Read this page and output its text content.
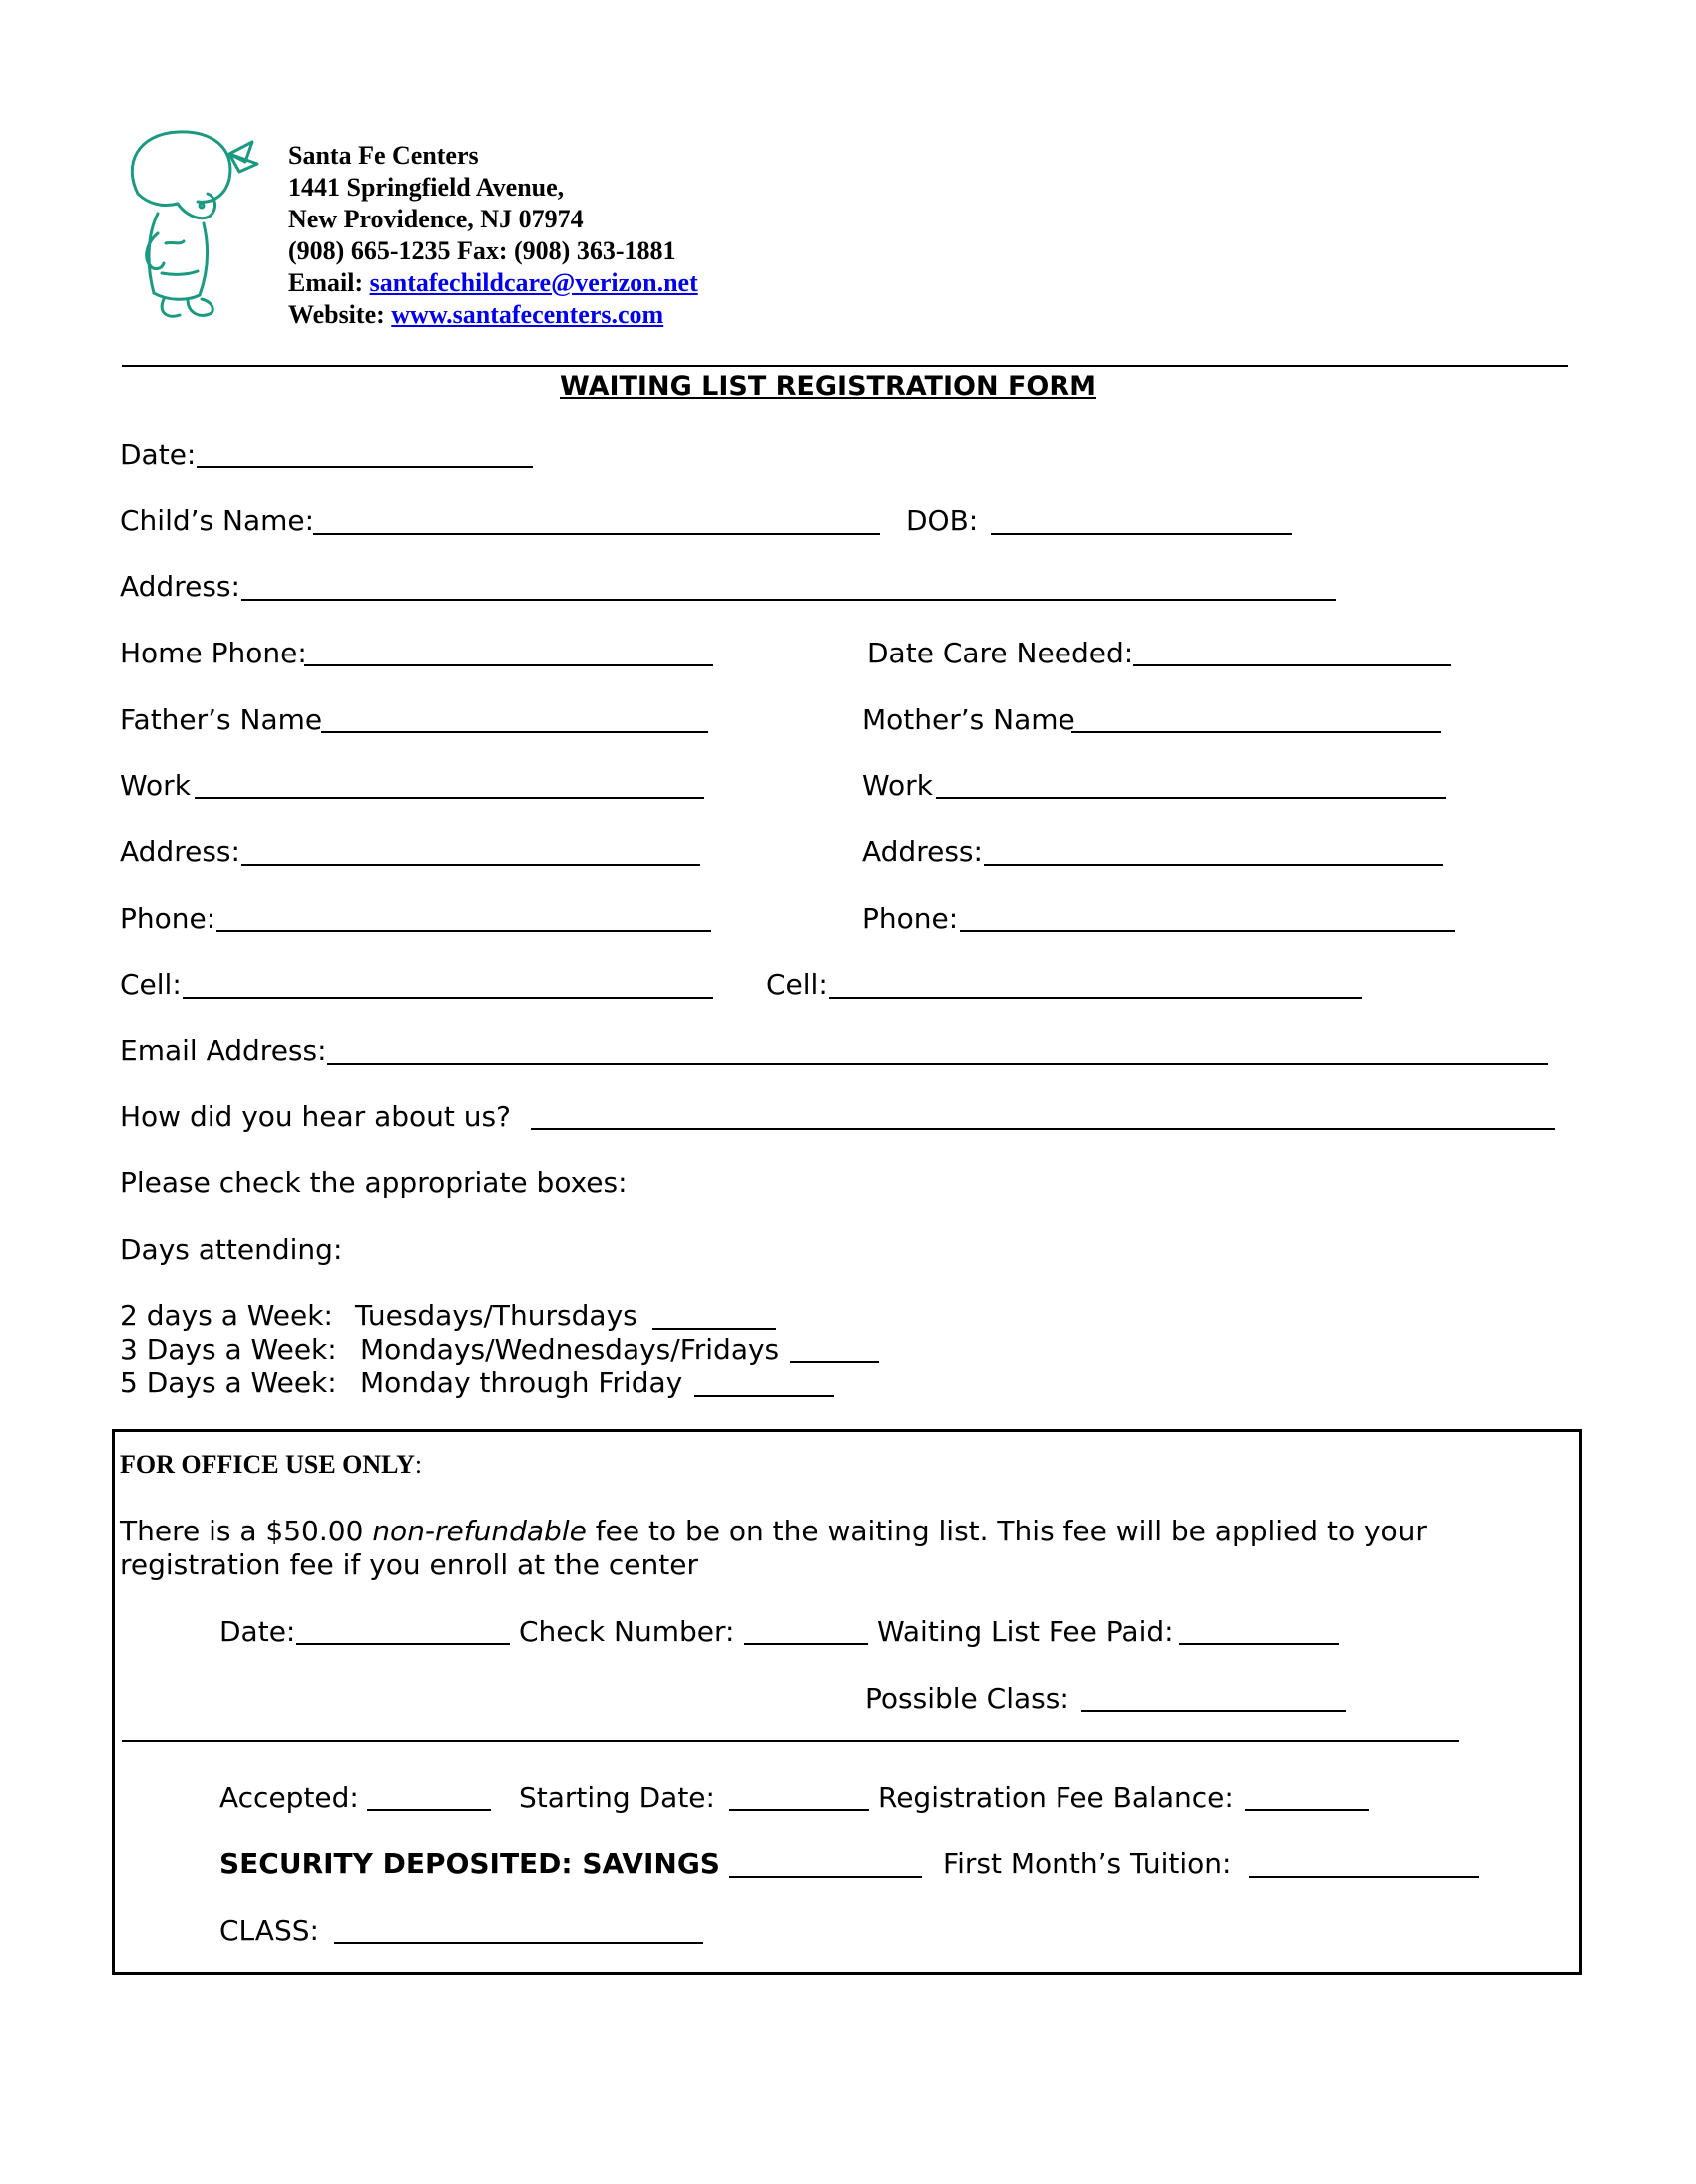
Santa Fe Centers
1441 Springfield Avenue,
New Providence, NJ 07974
(908) 665-1235 Fax: (908) 363-1881
Email: santafechildcare@verizon.net
Website: www.santafecenters.com
WAITING LIST REGISTRATION FORM
Date:
Child’s Name:	DOB:
Address:
Home Phone:	Date Care Needed:
Father’s Name	Mother’s Name
Work	Work
Address:	Address:
Phone:	Phone:
Cell:	Cell:
Email Address:
How did you hear about us?
Please check the appropriate boxes:
Days attending:
2 days a Week: Tuesdays/Thursdays
3 Days a Week: Mondays/Wednesdays/Fridays
5 Days a Week: Monday through Friday
FOR OFFICE USE ONLY:
There is a $50.00 non-refundable fee to be on the waiting list. This fee will be applied to your
registration fee if you enroll at the center
Date:	Check Number:	Waiting List Fee Paid:
Possible Class:
Accepted:	Starting Date:	Registration Fee Balance:
SECURITY DEPOSITED: SAVINGS	First Month’s Tuition:
CLASS:
